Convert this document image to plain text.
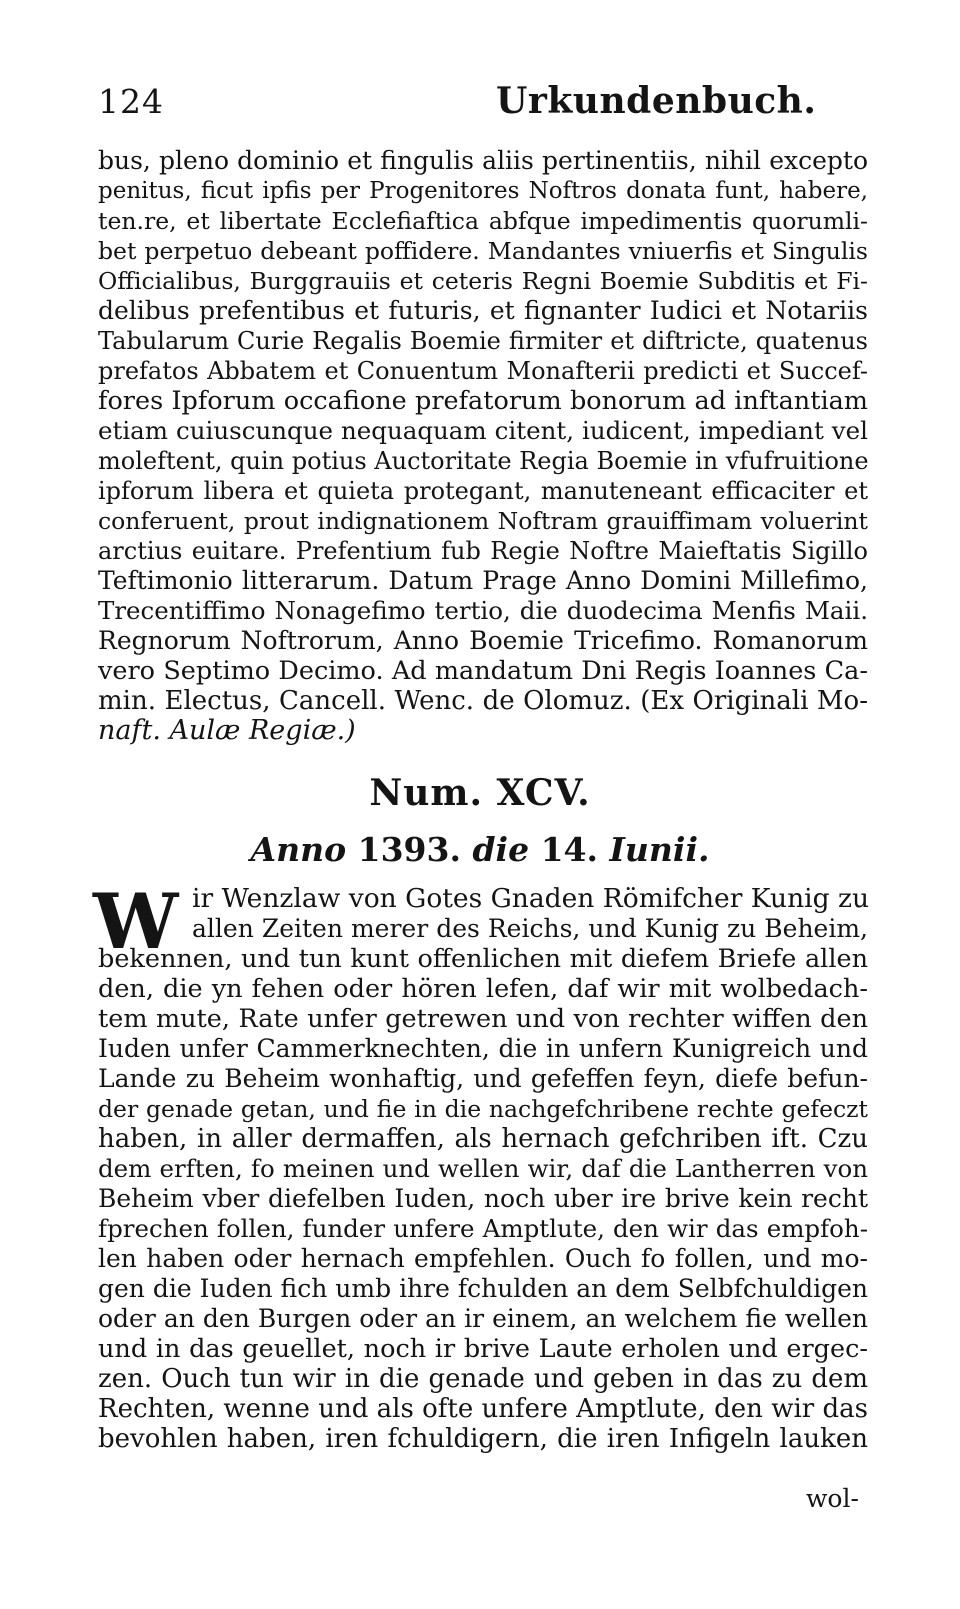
124	Urkundenbuch.
bus, pleno dominio et fingulis aliis pertinentiis, nihil excepto
penitus, ficut ipfis per Progenitores Noftros donata funt, habere,
ten.re, et libertate Ecclefiaftica abfque impedimentis quorumli-
bet perpetuo debeant poffidere. Mandantes vniuerfis et Singulis
Officialibus, Burggrauiis et ceteris Regni Boemie Subditis et Fi-
delibus prefentibus et futuris, et fignanter Iudici et Notariis
Tabularum Curie Regalis Boemie firmiter et diftricte, quatenus
prefatos Abbatem et Conuentum Monafterii predicti et Succef-
fores Ipforum occafione prefatorum bonorum ad inftantiam
etiam cuiuscunque nequaquam citent, iudicent, impediant vel
moleftent, quin potius Auctoritate Regia Boemie in vfufruitione
ipforum libera et quieta protegant, manuteneant efficaciter et
conferuent, prout indignationem Noftram grauiffimam voluerint
arctius euitare. Prefentium fub Regie Noftre Maieftatis Sigillo
Teftimonio litterarum. Datum Prage Anno Domini Millefimo,
Trecentiffimo Nonagefimo tertio, die duodecima Menfis Maii.
Regnorum Noftrorum, Anno Boemie Tricefimo. Romanorum
vero Septimo Decimo. Ad mandatum Dni Regis Ioannes Ca-
min. Electus, Cancell. Wenc. de Olomuz. (Ex Originali Mo-
naft. Aulæ Regiæ.)
Num. XCV.
Anno 1393. die 14. Iunii.
W ir Wenzlaw von Gotes Gnaden Römifcher Kunig zu
allen Zeiten merer des Reichs, und Kunig zu Beheim,
bekennen, und tun kunt offenlichen mit diefem Briefe allen
den, die yn fehen oder hören lefen, daf wir mit wolbedach-
tem mute, Rate unfer getrewen und von rechter wiffen den
Iuden unfer Cammerknechten, die in unfern Kunigreich und
Lande zu Beheim wonhaftig, und gefeffen feyn, diefe befun-
der genade getan, und fie in die nachgefchribene rechte gefeczt
haben, in aller dermaffen, als hernach gefchriben ift. Czu
dem erften, fo meinen und wellen wir, daf die Lantherren von
Beheim vber diefelben Iuden, noch uber ire brive kein recht
fprechen follen, funder unfere Amptlute, den wir das empfoh-
len haben oder hernach empfehlen. Ouch fo follen, und mo-
gen die Iuden fich umb ihre fchulden an dem Selbfchuldigen
oder an den Burgen oder an ir einem, an welchem fie wellen
und in das geuellet, noch ir brive Laute erholen und ergec-
zen. Ouch tun wir in die genade und geben in das zu dem
Rechten, wenne und als ofte unfere Amptlute, den wir das
bevohlen haben, iren fchuldigern, die iren Infigeln lauken
wol-
